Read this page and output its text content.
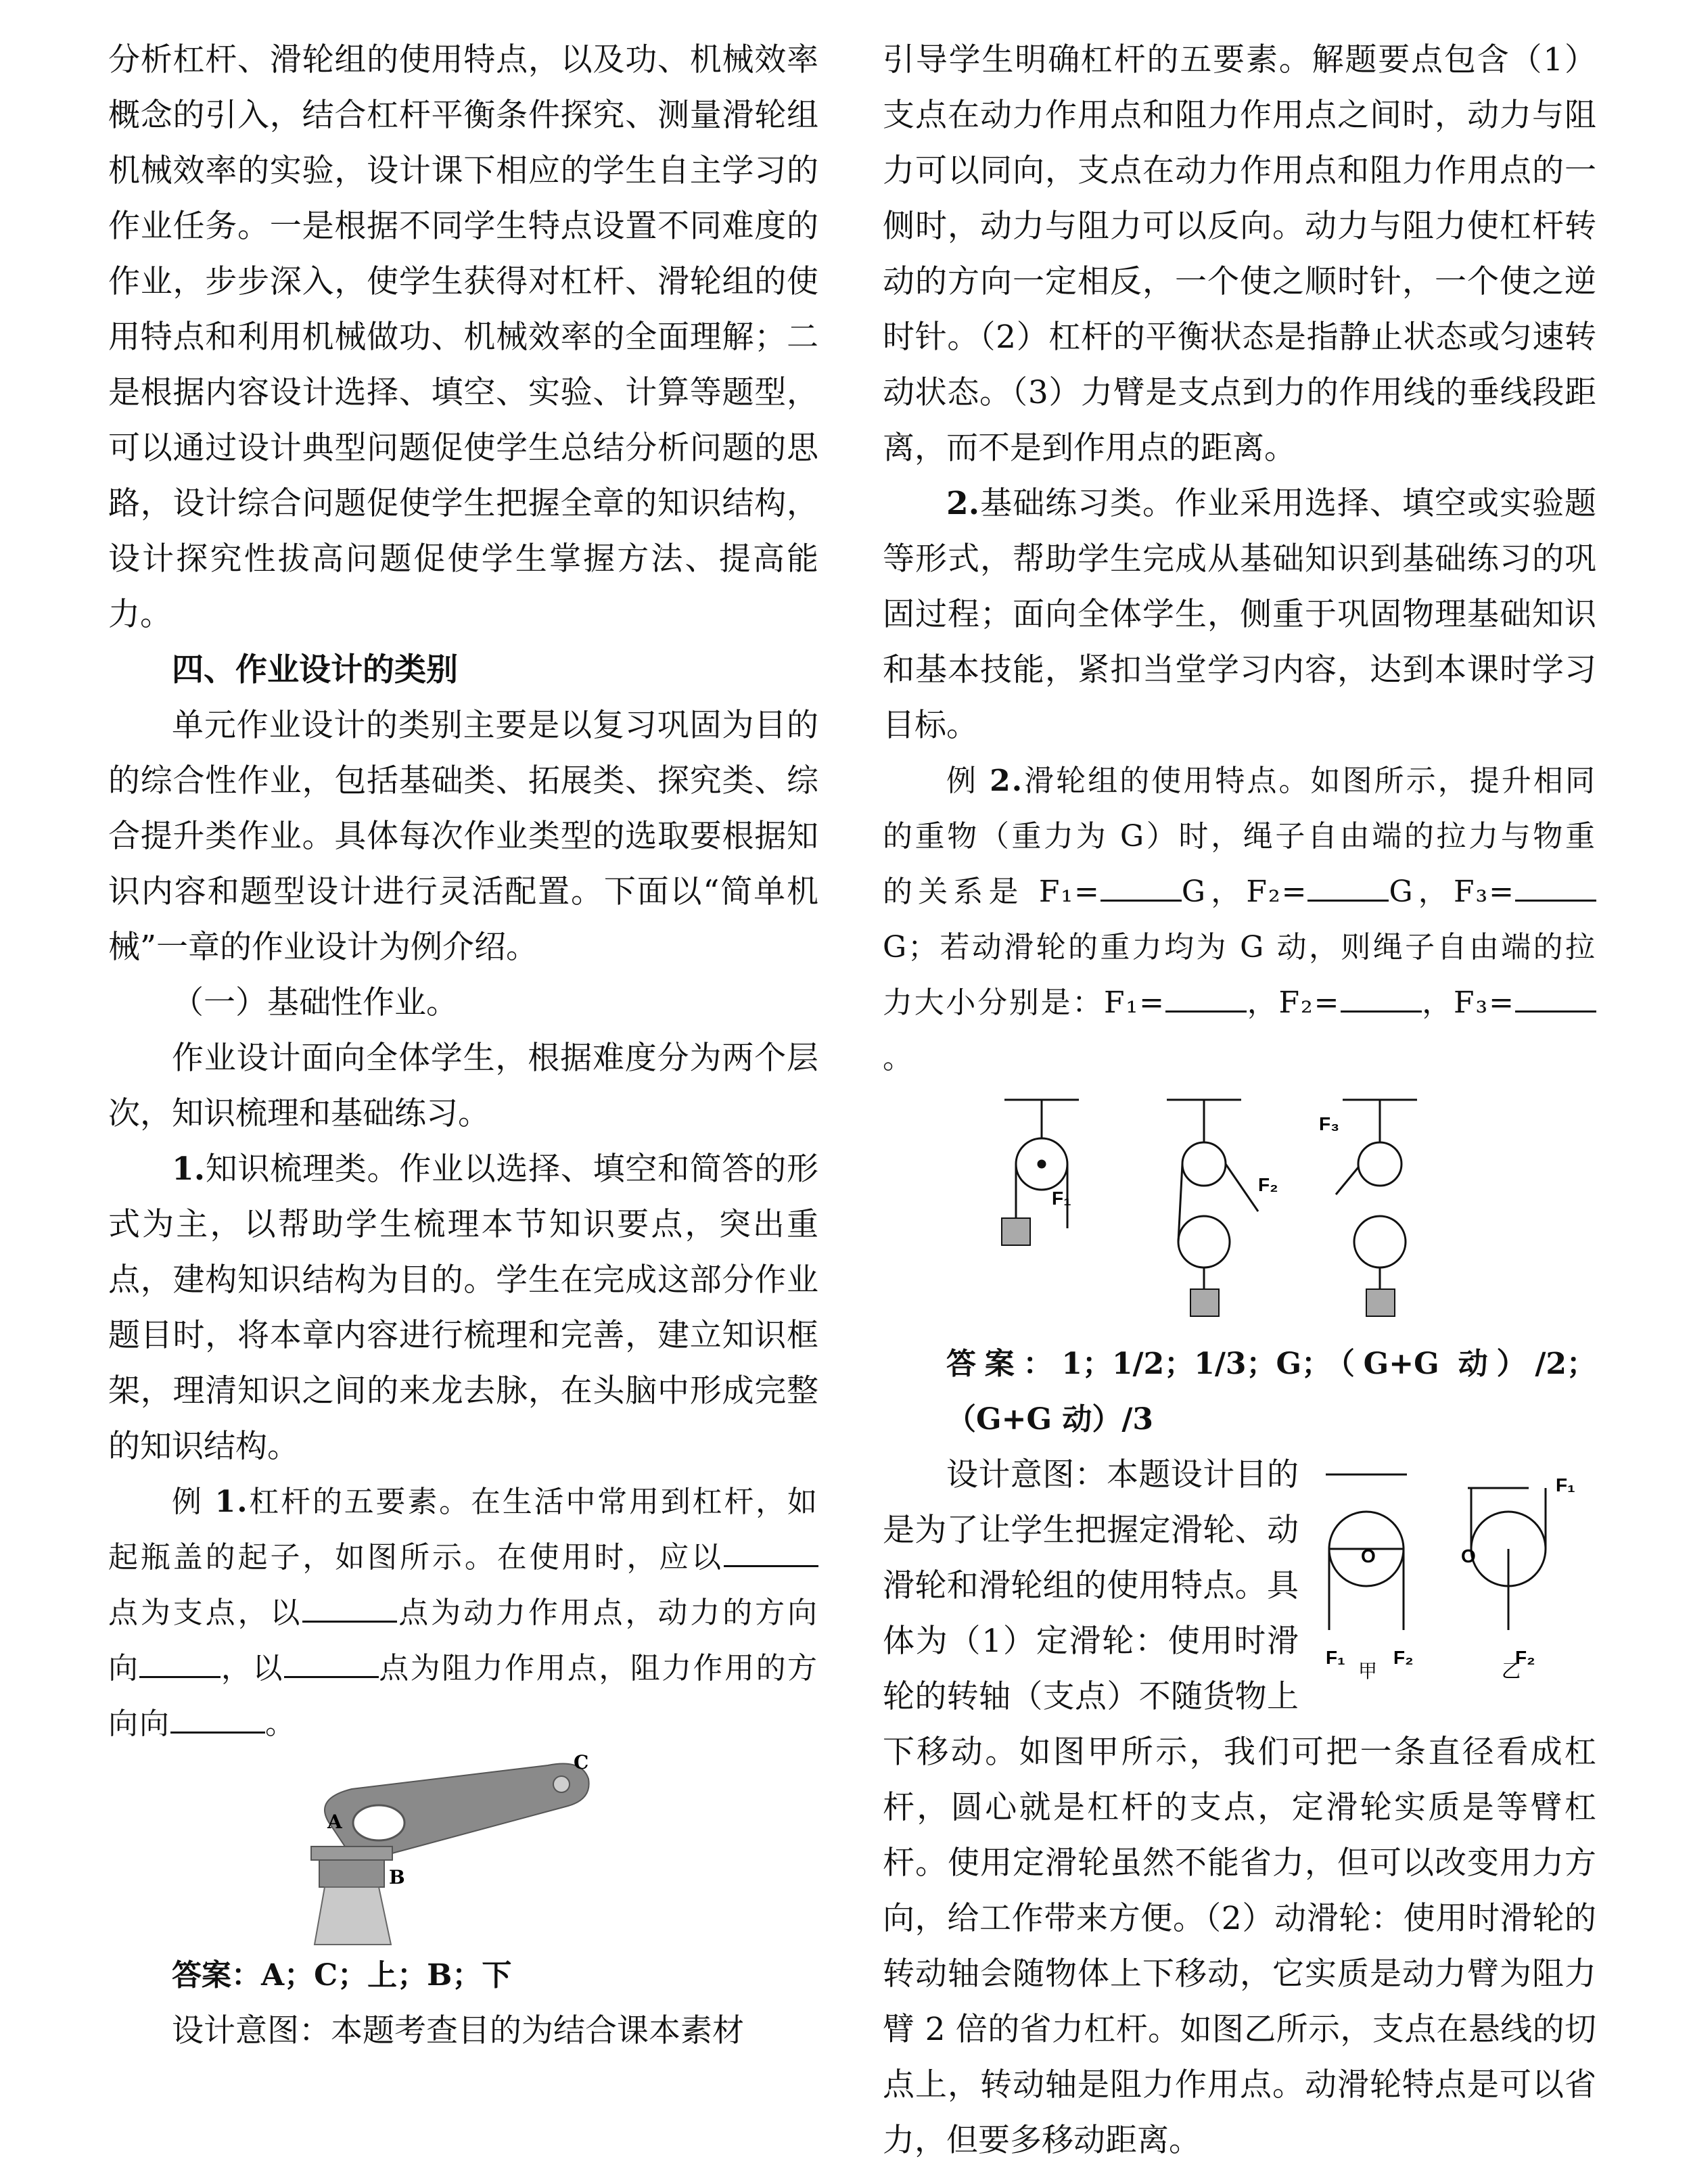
分析杠杆、滑轮组的使用特点，以及功、机械效率概念的引入，结合杠杆平衡条件探究、测量滑轮组机械效率的实验，设计课下相应的学生自主学习的作业任务。一是根据不同学生特点设置不同难度的作业，步步深入，使学生获得对杠杆、滑轮组的使用特点和利用机械做功、机械效率的全面理解；二是根据内容设计选择、填空、实验、计算等题型，可以通过设计典型问题促使学生总结分析问题的思路，设计综合问题促使学生把握全章的知识结构，设计探究性拔高问题促使学生掌握方法、提高能力。

四、作业设计的类别

单元作业设计的类别主要是以复习巩固为目的的综合性作业，包括基础类、拓展类、探究类、综合提升类作业。具体每次作业类型的选取要根据知识内容和题型设计进行灵活配置。下面以“简单机械”一章的作业设计为例介绍。

（一）基础性作业。

作业设计面向全体学生，根据难度分为两个层次，知识梳理和基础练习。

1.知识梳理类。作业以选择、填空和简答的形式为主，以帮助学生梳理本节知识要点，突出重点，建构知识结构为目的。学生在完成这部分作业题目时，将本章内容进行梳理和完善，建立知识框架，理清知识之间的来龙去脉，在头脑中形成完整的知识结构。

例 1.杠杆的五要素。在生活中常用到杠杆，如起瓶盖的起子，如图所示。在使用时，应以点为支点，以	点为动力作用点，动力的方向向	，以	点为阻力作用点，阻力作用的方向向	。

A
B
C

答案：A；C；上；B；下

设计意图：本题考查目的为结合课本素材

引导学生明确杠杆的五要素。解题要点包含（1）支点在动力作用点和阻力作用点之间时，动力与阻力可以同向，支点在动力作用点和阻力作用点的一侧时，动力与阻力可以反向。动力与阻力使杠杆转动的方向一定相反，一个使之顺时针，一个使之逆时针。（2）杠杆的平衡状态是指静止状态或匀速转动状态。（3）力臂是支点到力的作用线的垂线段距离，而不是到作用点的距离。

2.基础练习类。作业采用选择、填空或实验题等形式，帮助学生完成从基础知识到基础练习的巩固过程；面向全体学生，侧重于巩固物理基础知识和基本技能，紧扣当堂学习内容，达到本课时学习目标。

例 2.滑轮组的使用特点。如图所示，提升相同的重物（重力为 G）时，绳子自由端的拉力与物重的关系是 F₁=	G，F₂=	G，F₃=G；若动滑轮的重力均为 G 动，则绳子自由端的拉力大小分别是：F₁=	，F₂=	，F₃=。

F₁
F₂
F₃

答案：1；1/2；1/3；G；（G+G 动）/2；（G+G 动）/3

F₁	F₂
甲
O	O
F₁
F₂
乙

设计意图：本题设计目的是为了让学生把握定滑轮、动滑轮和滑轮组的使用特点。具体为（1）定滑轮：使用时滑轮的转轴（支点）不随货物上下移动。如图甲所示，我们可把一条直径看成杠杆，圆心就是杠杆的支点，定滑轮实质是等臂杠杆。使用定滑轮虽然不能省力，但可以改变用力方向，给工作带来方便。（2）动滑轮：使用时滑轮的转动轴会随物体上下移动，它实质是动力臂为阻力臂 2 倍的省力杠杆。如图乙所示，支点在悬线的切点上，转动轴是阻力作用点。动滑轮特点是可以省力，但要多移动距离。
